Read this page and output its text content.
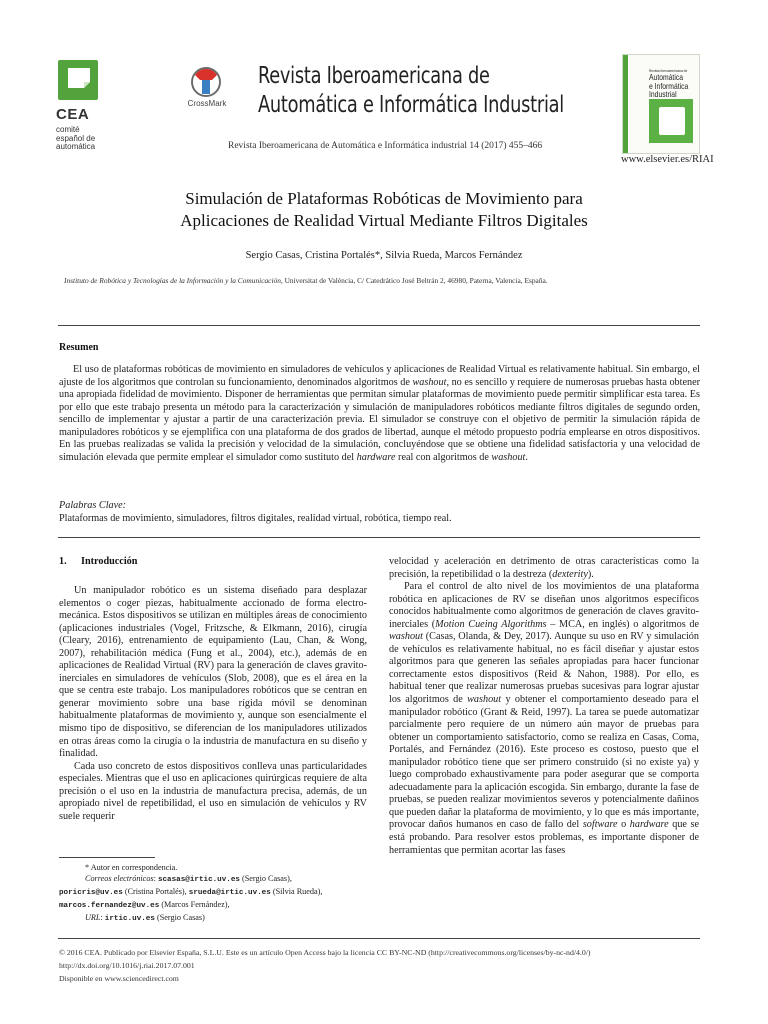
CEA
comité
español de
automática
CrossMark
Revista Iberoamericana de
Automática e Informática Industrial
Revista Iberoamericana de Automática e Informática industrial 14 (2017) 455–466
Revista Iberoamericana de
Automática
e Informática
Industrial
www.elsevier.es/RIAI
Simulación de Plataformas Robóticas de Movimiento para
Aplicaciones de Realidad Virtual Mediante Filtros Digitales
Sergio Casas, Cristina Portalés*, Silvia Rueda, Marcos Fernández
Instituto de Robótica y Tecnologías de la Información y la Comunicación, Universitat de València, C/ Catedrático José Beltrán 2, 46980, Paterna, Valencia, España.
Resumen
El uso de plataformas robóticas de movimiento en simuladores de vehículos y aplicaciones de Realidad Virtual es relativamente habitual. Sin embargo, el ajuste de los algoritmos que controlan su funcionamiento, denominados algoritmos de washout, no es sencillo y requiere de numerosas pruebas hasta obtener una apropiada fidelidad de movimiento. Disponer de herramientas que permitan simular plataformas de movimiento puede permitir simplificar esta tarea. Es por ello que este trabajo presenta un método para la caracterización y simulación de manipuladores robóticos mediante filtros digitales de segundo orden, sencillo de implementar y ajustar a partir de una caracterización previa. El simulador se construye con el objetivo de permitir la simulación rápida de manipuladores robóticos y se ejemplifica con una plataforma de dos grados de libertad, aunque el método propuesto podría emplearse en otros dispositivos. En las pruebas realizadas se valida la precisión y velocidad de la simulación, concluyéndose que se obtiene una fidelidad satisfactoria y una velocidad de simulación elevada que permite emplear el simulador como sustituto del hardware real con algoritmos de washout.
Palabras Clave:
Plataformas de movimiento, simuladores, filtros digitales, realidad virtual, robótica, tiempo real.
1. Introducción

Un manipulador robótico es un sistema diseñado para desplazar elementos o coger piezas, habitualmente accionado de forma electro-mecánica. Estos dispositivos se utilizan en múltiples áreas de conocimiento (aplicaciones industriales (Vogel, Fritzsche, & Elkmann, 2016), cirugía (Cleary, 2016), entrenamiento de equipamiento (Lau, Chan, & Wong, 2007), rehabilitación médica (Fung et al., 2004), etc.), además de en aplicaciones de Realidad Virtual (RV) para la generación de claves gravito-inerciales en simuladores de vehículos (Slob, 2008), que es el área en la que se centra este trabajo. Los manipuladores robóticos que se centran en generar movimiento sobre una base rígida móvil se denominan habitualmente plataformas de movimiento y, aunque son esencialmente el mismo tipo de dispositivo, se diferencian de los manipuladores utilizados en otras áreas como la cirugía o la industria de manufactura en su diseño y finalidad.

Cada uso concreto de estos dispositivos conlleva unas particularidades especiales. Mientras que el uso en aplicaciones quirúrgicas requiere de alta precisión o el uso en la industria de manufactura precisa, además, de un apropiado nivel de repetibilidad, el uso en simulación de vehículos y RV suele requerir

* Autor en correspondencia.
Correos electrónicos: scasas@irtic.uv.es (Sergio Casas),
poricris@uv.es (Cristina Portalés), srueda@irtic.uv.es (Silvia Rueda),
marcos.fernandez@uv.es (Marcos Fernández),
URL: irtic.uv.es (Sergio Casas)

velocidad y aceleración en detrimento de otras características como la precisión, la repetibilidad o la destreza (dexterity).

Para el control de alto nivel de los movimientos de una plataforma robótica en aplicaciones de RV se diseñan unos algoritmos específicos conocidos habitualmente como algoritmos de generación de claves gravito-inerciales (Motion Cueing Algorithms – MCA, en inglés) o algoritmos de washout (Casas, Olanda, & Dey, 2017). Aunque su uso en RV y simulación de vehículos es relativamente habitual, no es fácil diseñar y ajustar estos algoritmos para que generen las señales apropiadas para hacer funcionar correctamente estos dispositivos (Reid & Nahon, 1988). Por ello, es habitual tener que realizar numerosas pruebas sucesivas para lograr ajustar los algoritmos de washout y obtener el comportamiento deseado para el manipulador robótico (Grant & Reid, 1997). La tarea se puede automatizar parcialmente pero requiere de un número aún mayor de pruebas para obtener un comportamiento satisfactorio, como se realiza en Casas, Coma, Portalés, and Fernández (2016). Este proceso es costoso, puesto que el manipulador robótico tiene que ser primero construido (si no existe ya) y luego comprobado exhaustivamente para poder asegurar que se comporta adecuadamente para la aplicación escogida. Sin embargo, durante la fase de pruebas, se pueden realizar movimientos severos y potencialmente dañinos que pueden dañar la plataforma de movimiento, y lo que es más importante, provocar daños humanos en caso de fallo del software o hardware que se está probando. Para resolver estos problemas, es importante disponer de herramientas que permitan acortar las fases

© 2016 CEA. Publicado por Elsevier España, S.L.U. Este es un artículo Open Access bajo la licencia CC BY-NC-ND (http://creativecommons.org/licenses/by-nc-nd/4.0/)
http://dx.doi.org/10.1016/j.riai.2017.07.001
Disponible en www.sciencedirect.com
